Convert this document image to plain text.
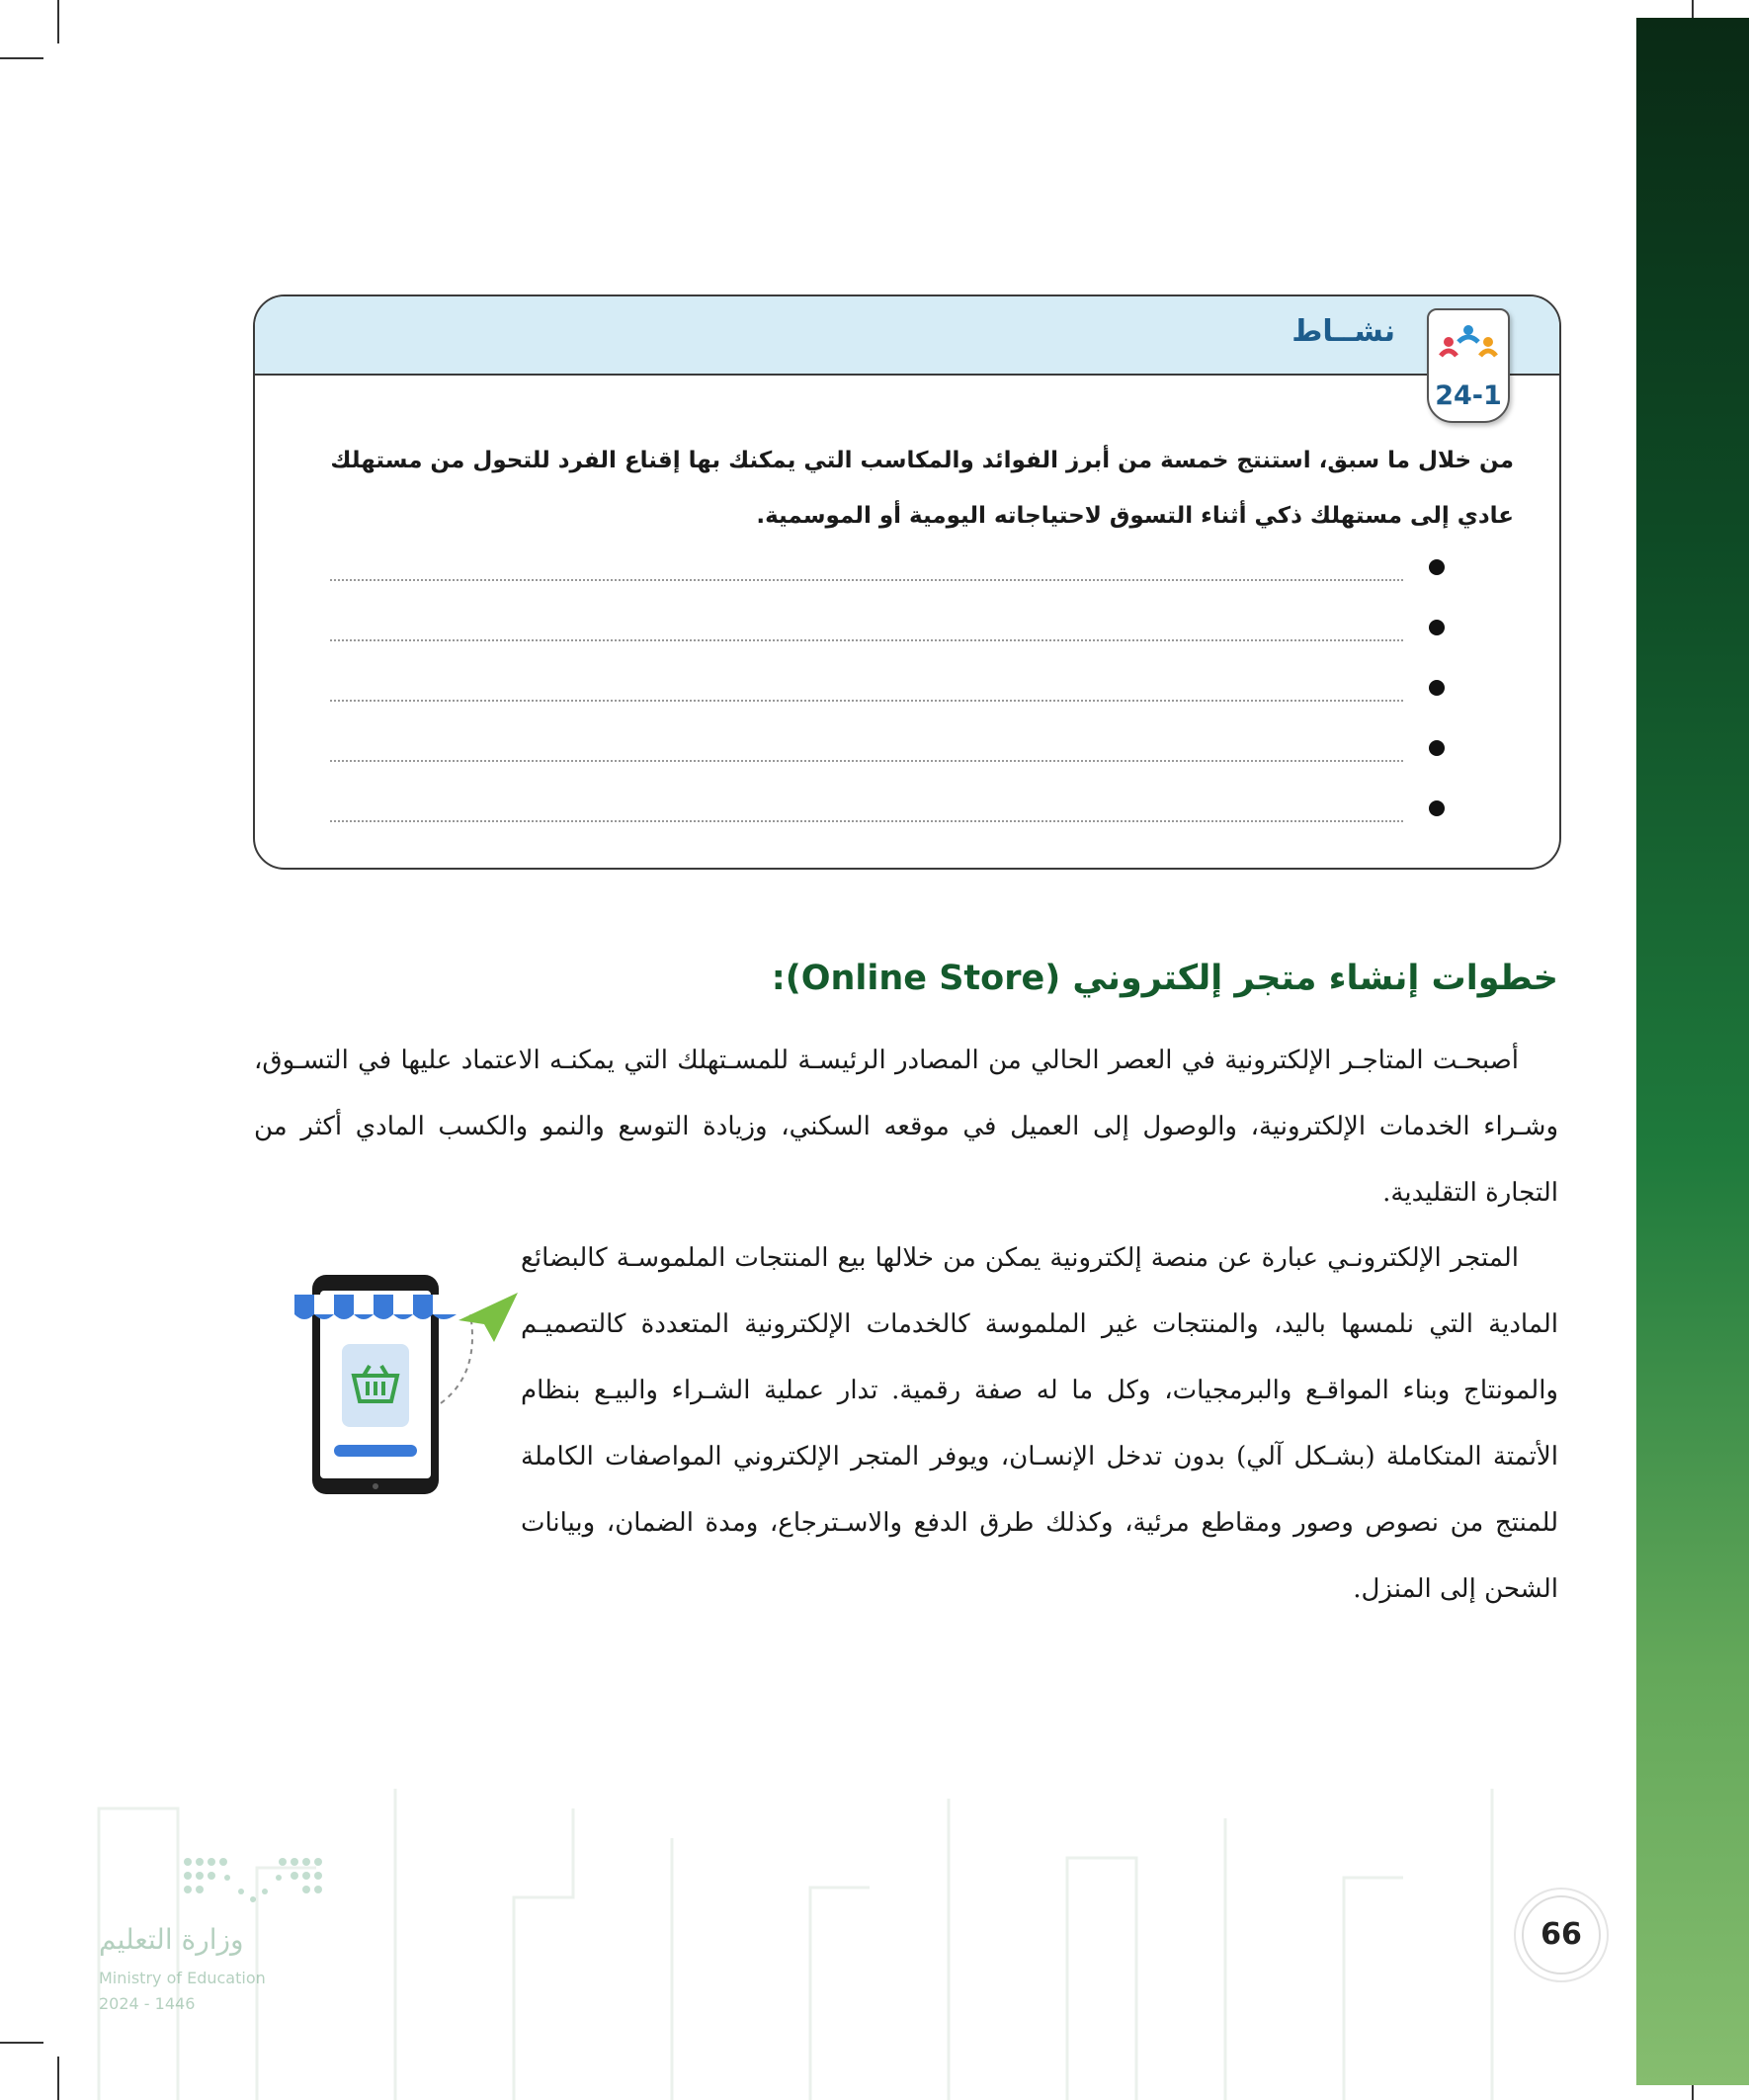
نشــاط

من خلال ما سبق، استنتج خمسة من أبرز الفوائد والمكاسب التي يمكنك بها إقناع الفرد للتحول من مستهلك عادي إلى مستهلك ذكي أثناء التسوق لاحتياجاته اليومية أو الموسمية.

24-1
خطوات إنشاء متجر إلكتروني (Online Store):

أصبحـت المتاجـر الإلكترونية في العصر الحالي من المصادر الرئيسـة للمسـتهلك التي يمكنـه الاعتماد عليها في التسـوق، وشـراء الخدمات الإلكترونية، والوصول إلى العميل في موقعه السكني، وزيادة التوسع والنمو والكسب المادي أكثر من التجارة التقليدية.

المتجر الإلكترونـي عبارة عن منصة إلكترونية يمكن من خلالها بيع المنتجات الملموسـة كالبضائع المادية التي نلمسها باليد، والمنتجات غير الملموسة كالخدمات الإلكترونية المتعددة كالتصميـم والمونتاج وبناء المواقـع والبرمجيات، وكل ما له صفة رقمية. تدار عملية الشـراء والبيـع بنظام الأتمتة المتكاملة (بشـكل آلي) بدون تدخل الإنسـان، ويوفر المتجر الإلكتروني المواصفات الكاملة للمنتج من نصوص وصور ومقاطع مرئية، وكذلك طرق الدفع والاسـترجاع، ومدة الضمان، وبيانات الشحن إلى المنزل.

وزارة التعليم
Ministry of Education
2024 - 1446
66
